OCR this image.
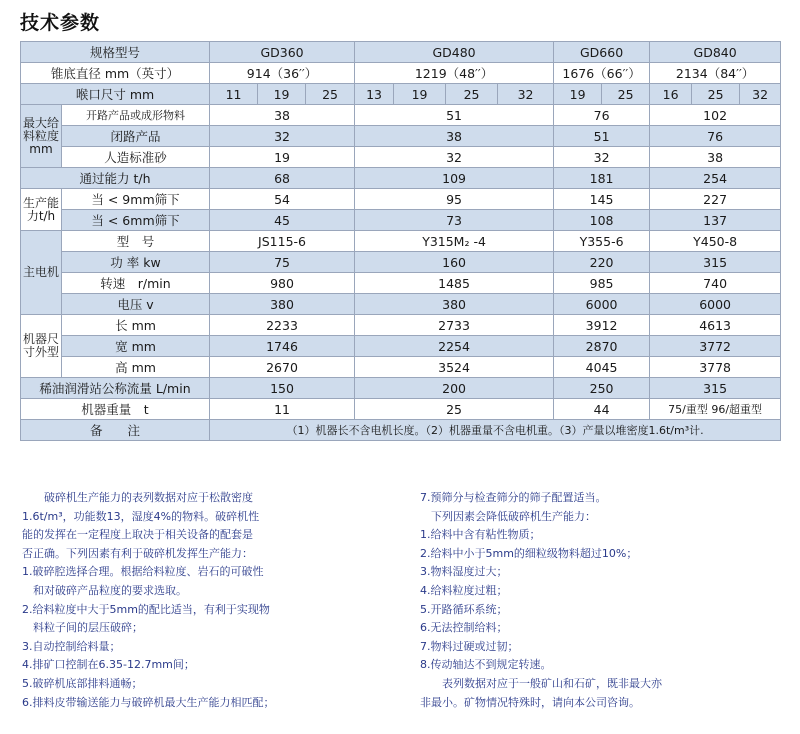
技术参数
规格型号		GD360			GD480				GD660		GD840		
锥底直径 mm（英寸）		914（36′′）			1219（48′′）				1676（66′′）		2134（84′′）		
喉口尺寸 mm		11	19	25	13	19	25	32	19	25	16	25	32
最大给料粒度mm	开路产品或成形物料	38			51				76		102		
	闭路产品	32			38				51		76		
	人造标准砂	19			32				32		38		
通过能力 t/h		68			109				181		254		
生产能力t/h	当 < 9mm筛下	54			95				145		227		
	当 < 6mm筛下	45			73				108		137		
主电机	型　号	JS115-6			Y315M₂ -4				Y355-6		Y450-8		
	功 率 kw	75			160				220		315		
	转速　r/min	980			1485				985		740		
	电压 v	380			380				6000		6000		
机器尺寸外型	长 mm	2233			2733				3912		4613		
	宽 mm	1746			2254				2870		3772		
	高 mm	2670			3524				4045		3778		
稀油润滑站公称流量 L/min		150			200				250		315		
机器重量　t		11			25				44		75/重型 96/超重型		
备　　注		（1）机器长不含电机长度。（2）机器重量不含电机重。（3）产量以堆密度1.6t/m³计.											
　　破碎机生产能力的表列数据对应于松散密度
1.6t/m³，功能数13，湿度4%的物料。破碎机性
能的发挥在一定程度上取决于相关设备的配套是
否正确。下列因素有利于破碎机发挥生产能力：
1.破碎腔选择合理。根据给料粒度、岩石的可破性
　和对破碎产品粒度的要求选取。
2.给料粒度中大于5mm的配比适当，有利于实现物
　料粒子间的层压破碎；
3.自动控制给料量；
4.排矿口控制在6.35-12.7mm间；
5.破碎机底部排料通畅；
6.排料皮带输送能力与破碎机最大生产能力相匹配；
7.预筛分与检查筛分的筛子配置适当。
　下列因素会降低破碎机生产能力：
1.给料中含有粘性物质；
2.给料中小于5mm的细粒级物料超过10%；
3.物料湿度过大；
4.给料粒度过粗；
5.开路循环系统；
6.无法控制给料；
7.物料过硬或过韧；
8.传动轴达不到规定转速。
　　表列数据对应于一般矿山和石矿，既非最大亦
非最小。矿物情况特殊时，请向本公司咨询。
